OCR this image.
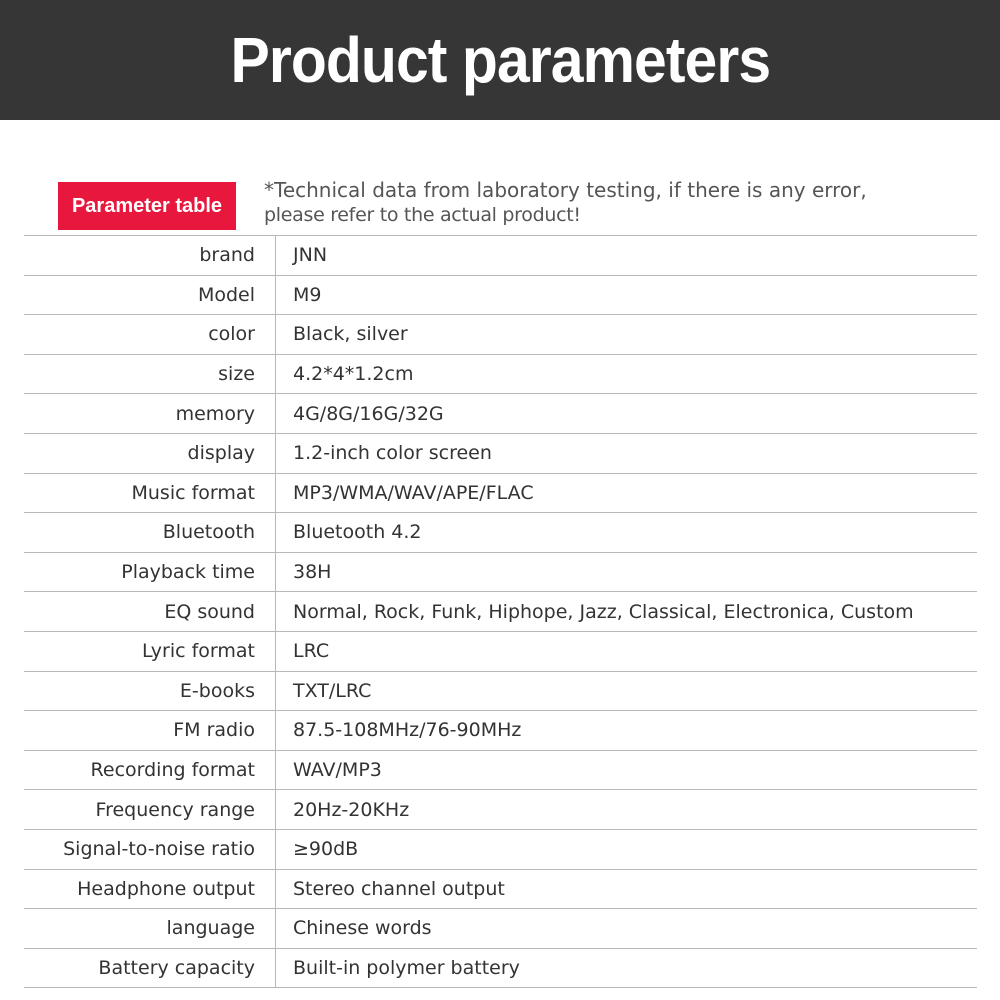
Product parameters
Parameter table
*Technical data from laboratory testing, if there is any error,
please refer to the actual product!
brand	JNN
Model	M9
color	Black, silver
size	4.2*4*1.2cm
memory	4G/8G/16G/32G
display	1.2-inch color screen
Music format	MP3/WMA/WAV/APE/FLAC
Bluetooth	Bluetooth 4.2
Playback time	38H
EQ sound	Normal, Rock, Funk, Hiphope, Jazz, Classical, Electronica, Custom
Lyric format	LRC
E-books	TXT/LRC
FM radio	87.5-108MHz/76-90MHz
Recording format	WAV/MP3
Frequency range	20Hz-20KHz
Signal-to-noise ratio	≥90dB
Headphone output	Stereo channel output
language	Chinese words
Battery capacity	Built-in polymer battery
